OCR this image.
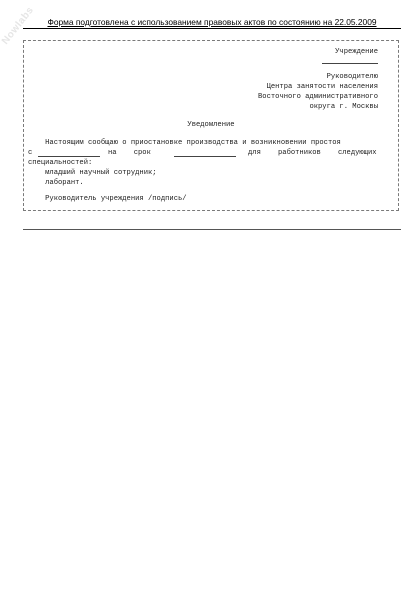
Nowlabs	Форма подготовлена с использованием правовых актов по состоянию на 22.05.2009
Учреждение
Руководителю
Центра занятости населения
Восточного административного
округа г. Москвы
Уведомление
Настоящим сообщаю о приостановке производства и возникновении простоя
с	на    срок	для    работников    следующих
специальностей:
младший научный сотрудник;
лаборант.
Руководитель учреждения /подпись/
